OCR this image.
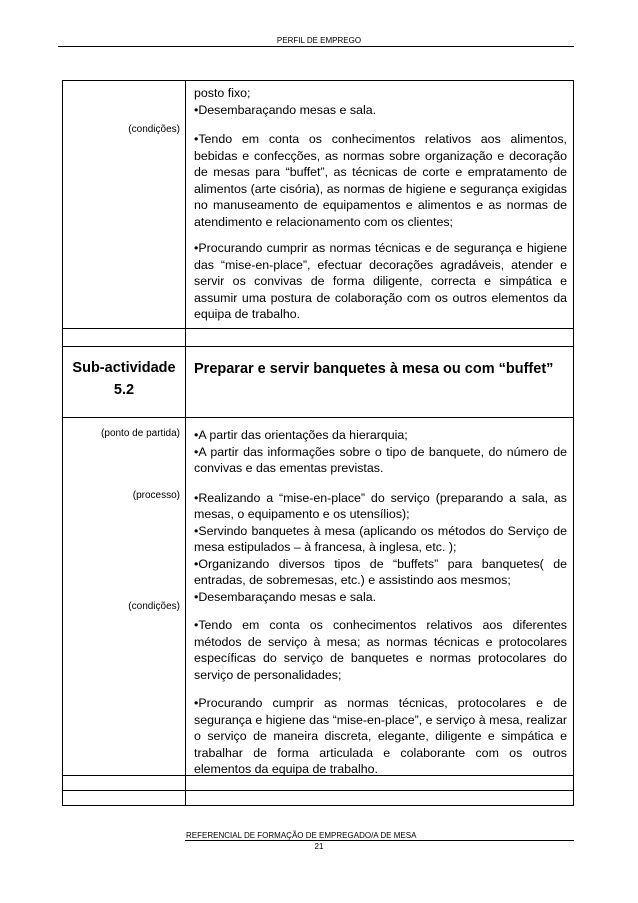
PERFIL DE EMPREGO
(condições)

posto fixo;

•Desembaraçando mesas e sala.

•Tendo em conta os conhecimentos relativos aos alimentos, bebidas e confecções, as normas sobre organização e decoração de mesas para “buffet”, as técnicas de corte e empratamento de alimentos (arte cisória), as normas de higiene e segurança exigidas no manuseamento de equipamentos e alimentos e as normas de atendimento e relacionamento com os clientes;

•Procurando cumprir as normas técnicas e de segurança e higiene das “mise-en-place”, efectuar decorações agradáveis, atender e servir os convivas de forma diligente, correcta e simpática e assumir uma postura de colaboração com os outros elementos da equipa de trabalho.

Sub-actividade
5.2
Preparar e servir banquetes à mesa ou com “buffet”
(ponto de partida)
(processo)
(condições)

•A partir das orientações da hierarquia;

•A partir das informações sobre o tipo de banquete, do número de convivas e das ementas previstas.

•Realizando a “mise-en-place” do serviço (preparando a sala, as mesas, o equipamento e os utensílios);

•Servindo banquetes à mesa (aplicando os métodos do Serviço de mesa estipulados – à francesa, à inglesa, etc. );

•Organizando diversos tipos de “buffets” para banquetes( de entradas, de sobremesas, etc.) e assistindo aos mesmos;

•Desembaraçando mesas e sala.

•Tendo em conta os conhecimentos relativos aos diferentes métodos de serviço à mesa; as normas técnicas e protocolares específicas do serviço de banquetes e normas protocolares do serviço de personalidades;

•Procurando cumprir as normas técnicas, protocolares e de segurança e higiene das “mise-en-place”, e serviço à mesa, realizar o serviço de maneira discreta, elegante, diligente e simpática e trabalhar de forma articulada e colaborante com os outros elementos da equipa de trabalho.

REFERENCIAL DE FORMAÇÃO DE EMPREGADO/A DE MESA
21
